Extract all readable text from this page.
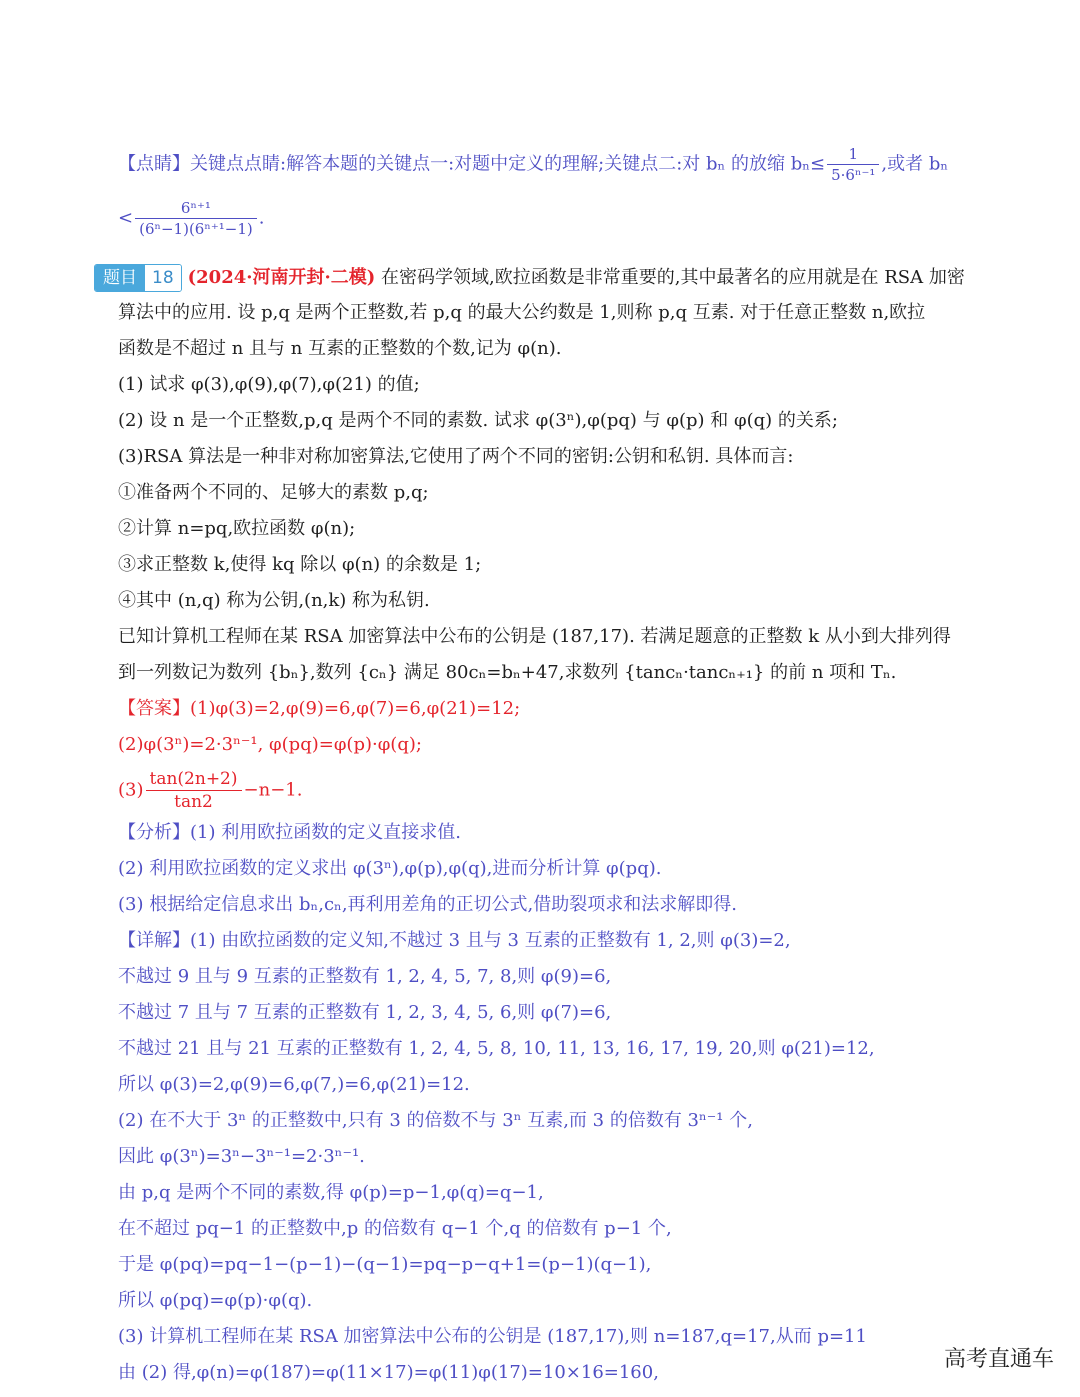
【点睛】关键点点睛:解答本题的关键点一:对题中定义的理解;关键点二:对 bₙ 的放缩 $b_n\le \frac{1}{\text{5·6ⁿ⁻¹}}$ ,或者 bₙ
< $\frac{\text{6ⁿ⁺¹}}{\text{(6ⁿ−1)(6ⁿ⁺¹−1)}}$ .
题目 18 (2024·河南开封·二模) 在密码学领域,欧拉函数是非常重要的,其中最著名的应用就是在 RSA 加密
算法中的应用. 设 p,q 是两个正整数,若 p,q 的最大公约数是 1,则称 p,q 互素. 对于任意正整数 n,欧拉
函数是不超过 n 且与 n 互素的正整数的个数,记为 φ(n).
(1) 试求 φ(3),φ(9),φ(7),φ(21) 的值;
(2) 设 n 是一个正整数,p,q 是两个不同的素数. 试求 φ(3ⁿ),φ(pq) 与 φ(p) 和 φ(q) 的关系;
(3)RSA 算法是一种非对称加密算法,它使用了两个不同的密钥:公钥和私钥. 具体而言:
①准备两个不同的、足够大的素数 p,q;
②计算 n=pq,欧拉函数 φ(n);
③求正整数 k,使得 kq 除以 φ(n) 的余数是 1;
④其中 (n,q) 称为公钥,(n,k) 称为私钥.
已知计算机工程师在某 RSA 加密算法中公布的公钥是 (187,17). 若满足题意的正整数 k 从小到大排列得
到一列数记为数列 {bₙ},数列 {cₙ} 满足 80cₙ=bₙ+47,求数列 {tancₙ·tancₙ₊₁} 的前 n 项和 Tₙ.
【答案】(1)φ(3)=2,φ(9)=6,φ(7)=6,φ(21)=12;
(2)φ(3ⁿ)=2·3ⁿ⁻¹, φ(pq)=φ(p)·φ(q);
$(3) \frac{\tan(2n+2)}{\tan 2} -n-1$.
【分析】(1) 利用欧拉函数的定义直接求值.
(2) 利用欧拉函数的定义求出 φ(3ⁿ),φ(p),φ(q),进而分析计算 φ(pq).
(3) 根据给定信息求出 bₙ,cₙ,再利用差角的正切公式,借助裂项求和法求解即得.
【详解】(1) 由欧拉函数的定义知,不越过 3 且与 3 互素的正整数有 1, 2,则 φ(3)=2,
不越过 9 且与 9 互素的正整数有 1, 2, 4, 5, 7, 8,则 φ(9)=6,
不越过 7 且与 7 互素的正整数有 1, 2, 3, 4, 5, 6,则 φ(7)=6,
不越过 21 且与 21 互素的正整数有 1, 2, 4, 5, 8, 10, 11, 13, 16, 17, 19, 20,则 φ(21)=12,
所以 φ(3)=2,φ(9)=6,φ(7,)=6,φ(21)=12.
(2) 在不大于 3ⁿ 的正整数中,只有 3 的倍数不与 3ⁿ 互素,而 3 的倍数有 3ⁿ⁻¹ 个,
因此 φ(3ⁿ)=3ⁿ−3ⁿ⁻¹=2·3ⁿ⁻¹.
由 p,q 是两个不同的素数,得 φ(p)=p−1,φ(q)=q−1,
在不超过 pq−1 的正整数中,p 的倍数有 q−1 个,q 的倍数有 p−1 个,
于是 φ(pq)=pq−1−(p−1)−(q−1)=pq−p−q+1=(p−1)(q−1),
所以 φ(pq)=φ(p)·φ(q).
(3) 计算机工程师在某 RSA 加密算法中公布的公钥是 (187,17),则 n=187,q=17,从而 p=11
由 (2) 得,φ(n)=φ(187)=φ(11×17)=φ(11)φ(17)=10×16=160,
高考直通车
